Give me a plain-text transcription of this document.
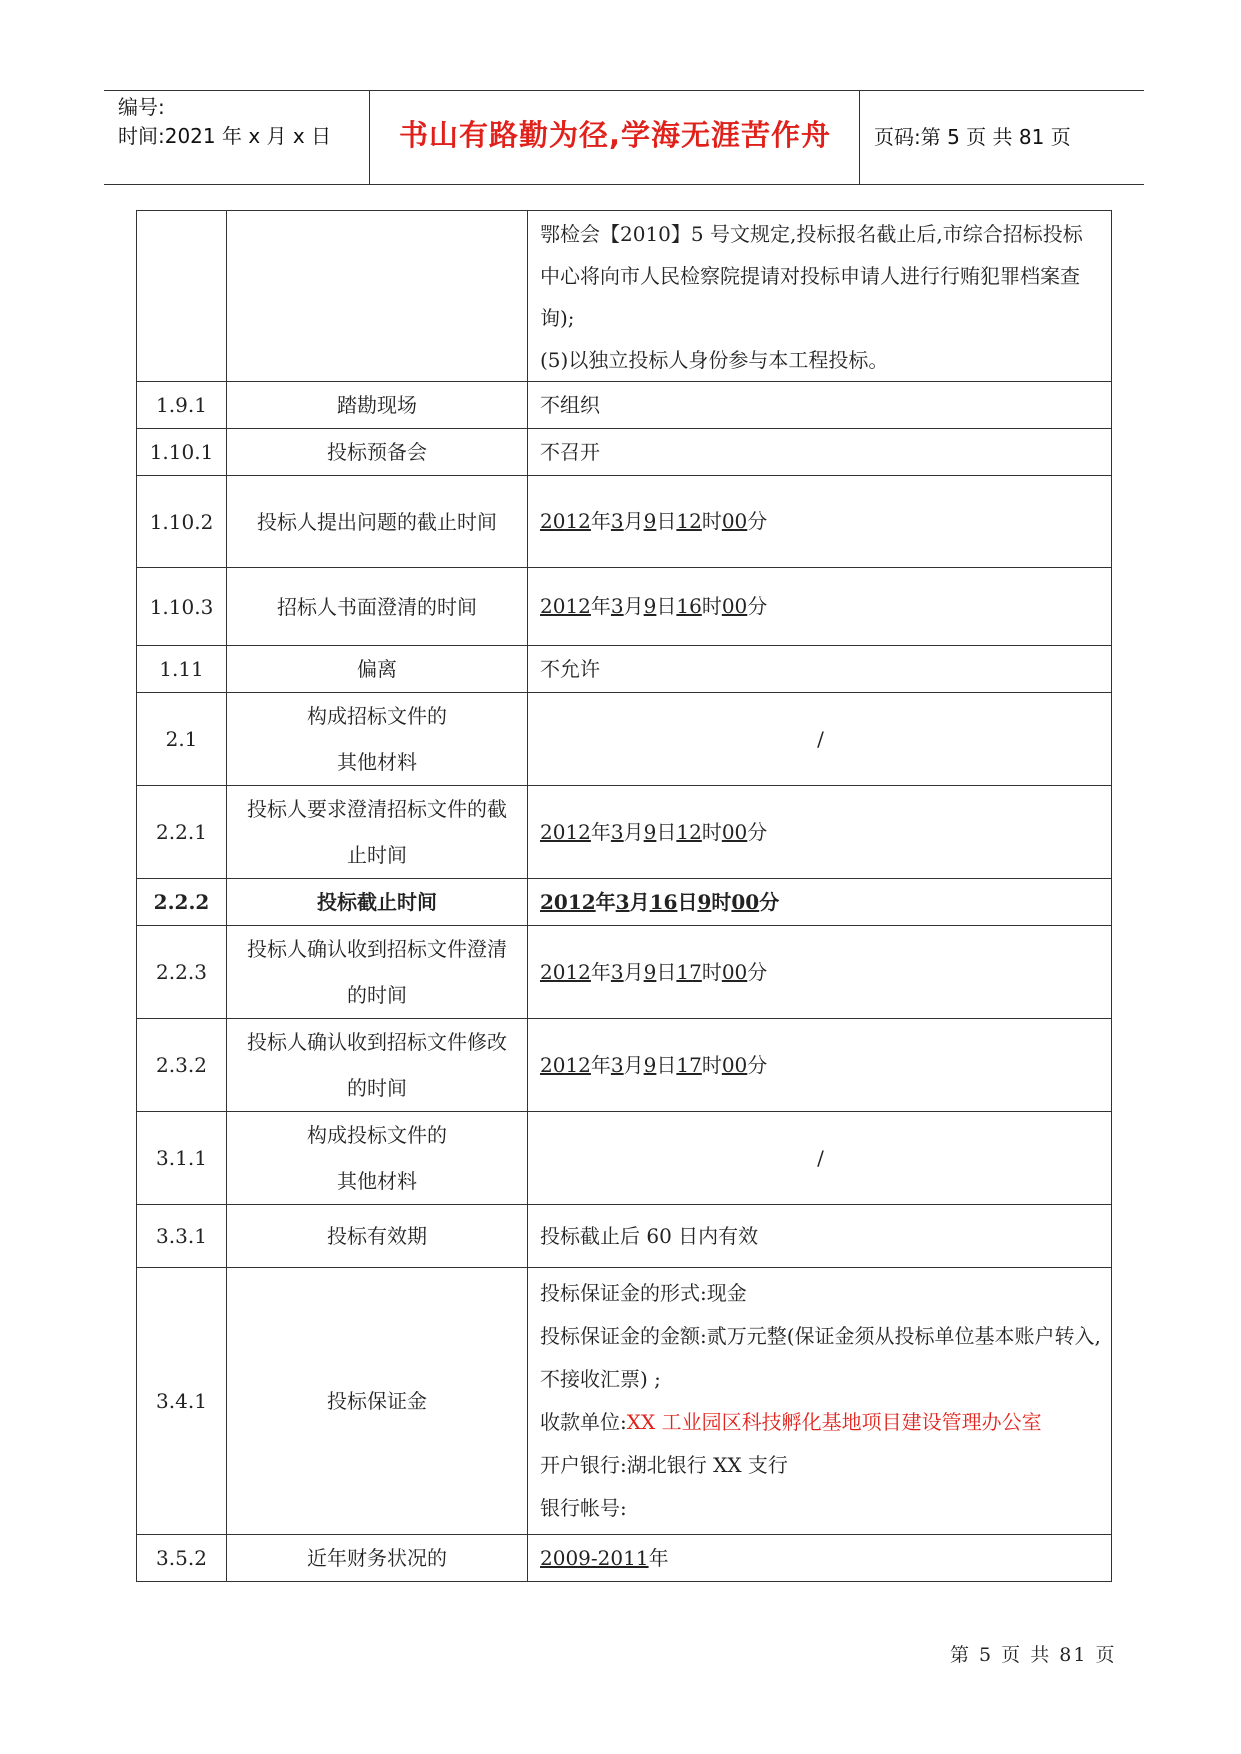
编号:
时间:2021 年 x 月 x 日	书山有路勤为径,学海无涯苦作舟	页码:第 5 页 共 81 页

		鄂检会【2010】5 号文规定,投标报名截止后,市综合招标投标中心将向市人民检察院提请对投标申请人进行行贿犯罪档案查询);
(5)以独立投标人身份参与本工程投标。

1.9.1	踏勘现场	不组织
1.10.1	投标预备会	不召开
1.10.2	投标人提出问题的截止时间	2012年3月9日12时00分
1.10.3	招标人书面澄清的时间	2012年3月9日16时00分
1.11	偏离	不允许
2.1	构成招标文件的
其他材料	/
2.2.1	投标人要求澄清招标文件的截止时间	2012年3月9日12时00分
2.2.2	投标截止时间	2012年3月16日9时00分
2.2.3	投标人确认收到招标文件澄清的时间	2012年3月9日17时00分
2.3.2	投标人确认收到招标文件修改的时间	2012年3月9日17时00分
3.1.1	构成投标文件的
其他材料	/
3.3.1	投标有效期	投标截止后 60 日内有效
3.4.1	投标保证金	投标保证金的形式:现金
投标保证金的金额:贰万元整(保证金须从投标单位基本账户转入,不接收汇票) ;
收款单位:XX 工业园区科技孵化基地项目建设管理办公室
开户银行:湖北银行 XX 支行
银行帐号:

3.5.2	近年财务状况的	2009-2011年
第 5 页 共 81 页
